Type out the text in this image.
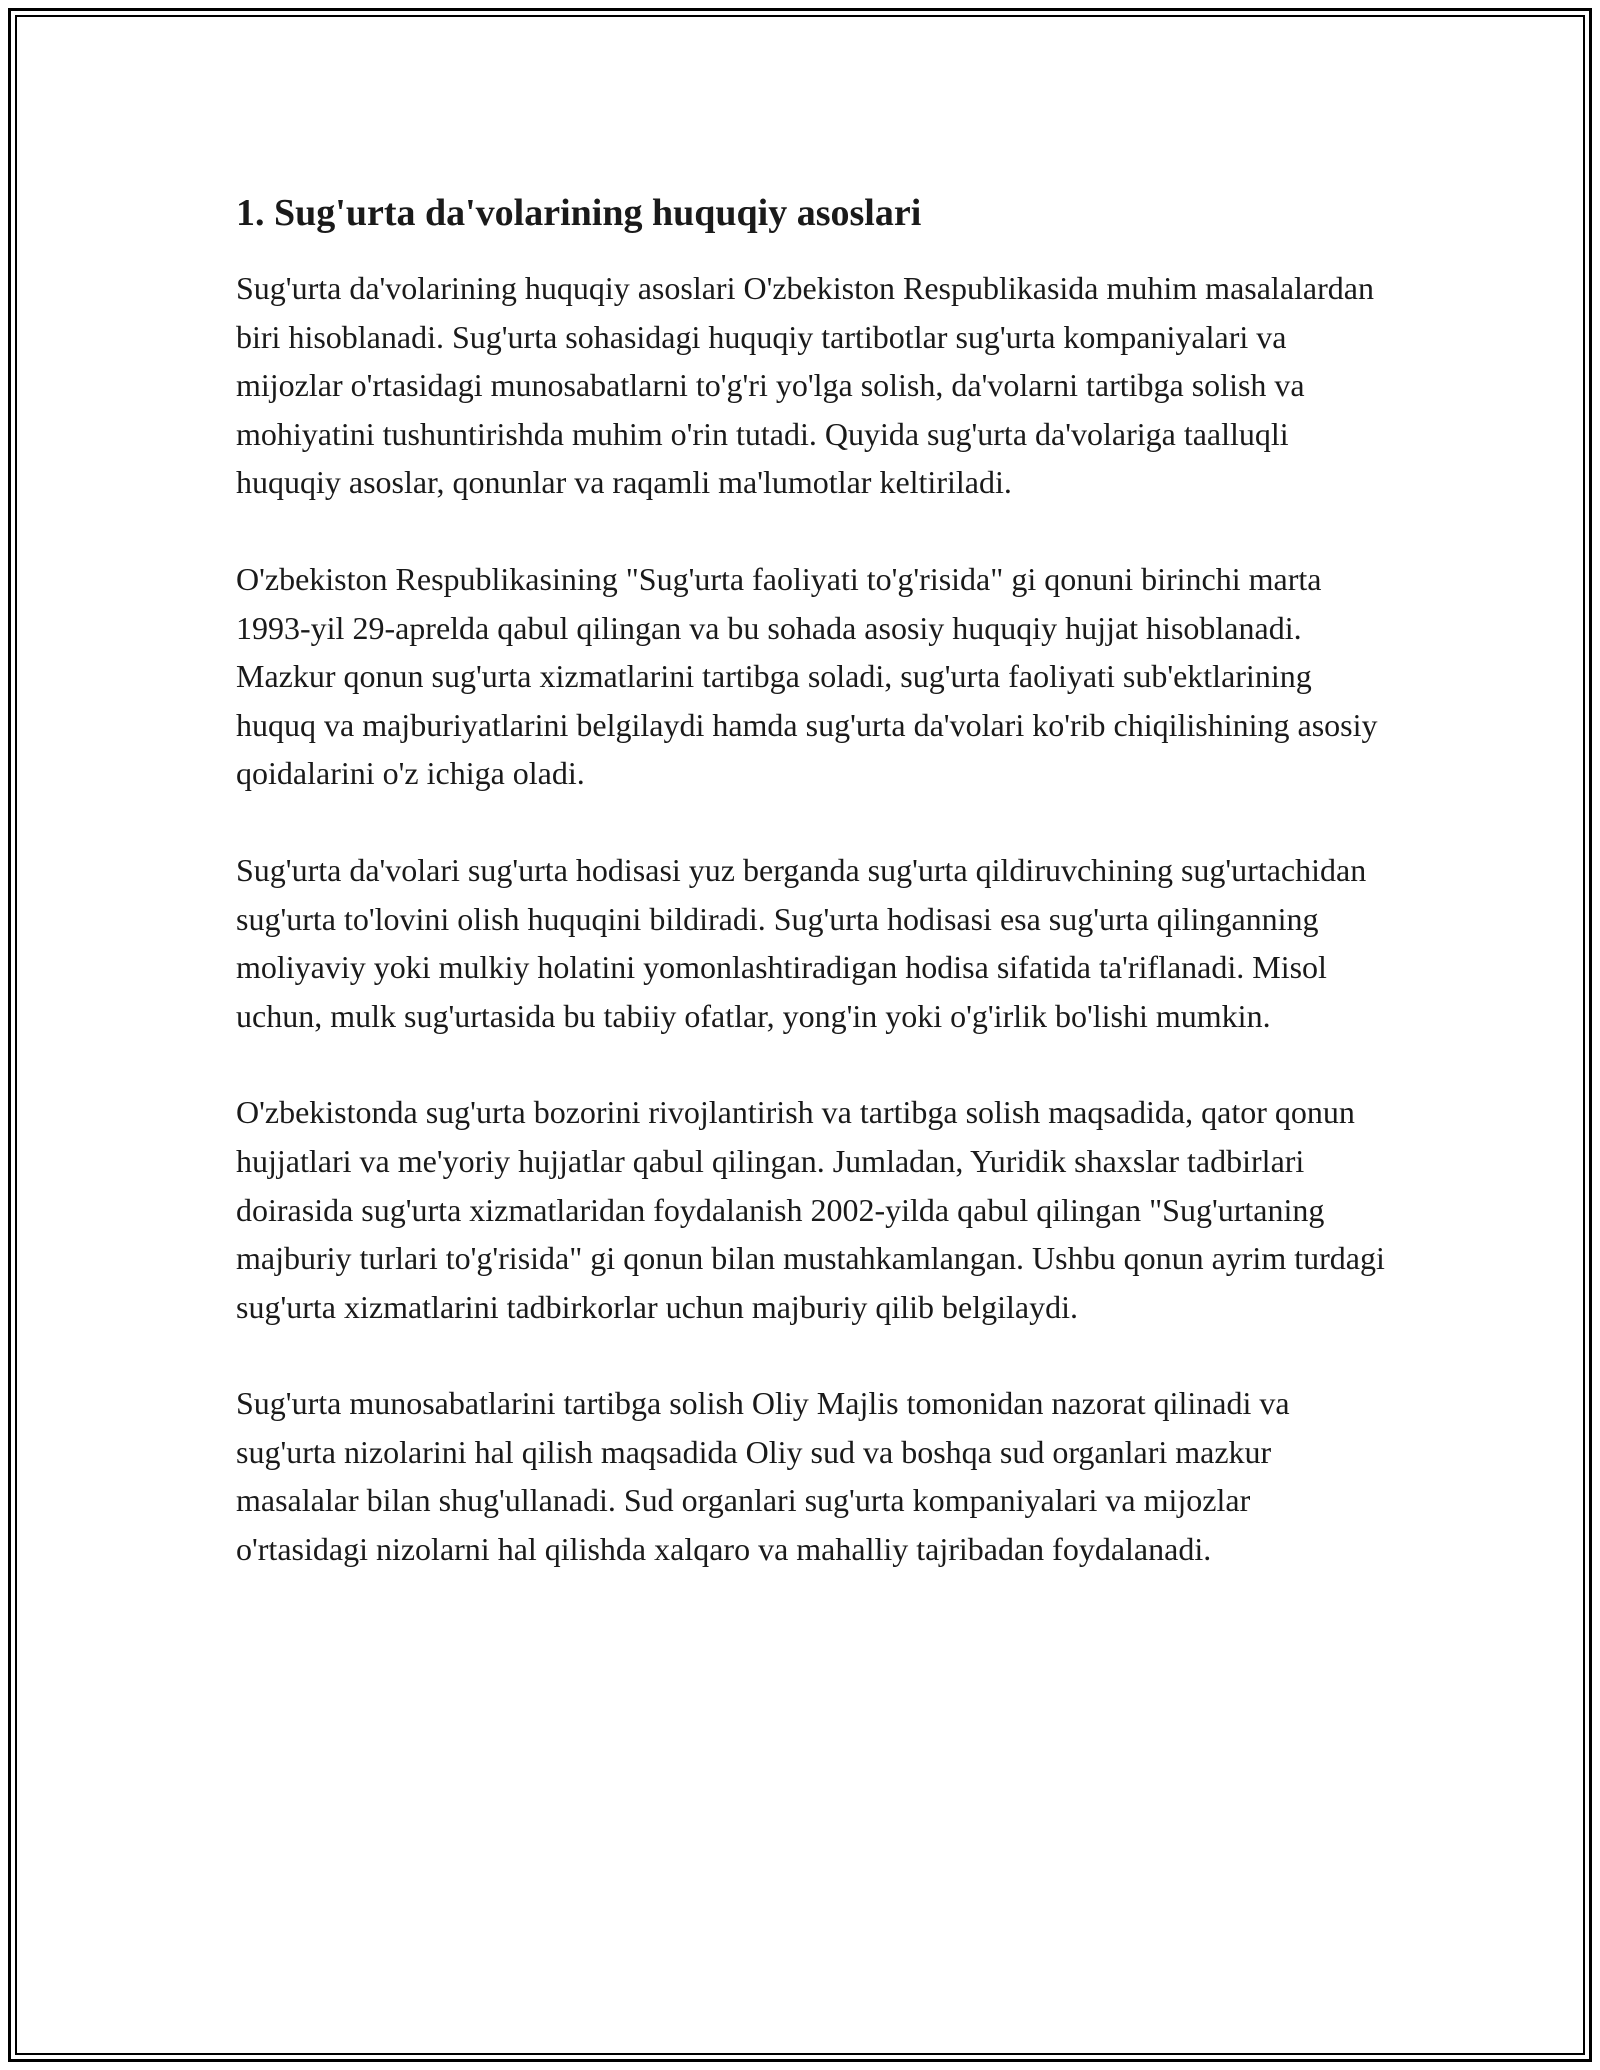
1. Sug'urta da'volarining huquqiy asoslari

Sug'urta da'volarining huquqiy asoslari O'zbekiston Respublikasida muhim masalalardan biri hisoblanadi. Sug'urta sohasidagi huquqiy tartibotlar sug'urta kompaniyalari va mijozlar o'rtasidagi munosabatlarni to'g'ri yo'lga solish, da'volarni tartibga solish va mohiyatini tushuntirishda muhim o'rin tutadi. Quyida sug'urta da'volariga taalluqli huquqiy asoslar, qonunlar va raqamli ma'lumotlar keltiriladi.

O'zbekiston Respublikasining "Sug'urta faoliyati to'g'risida" gi qonuni birinchi marta 1993-yil 29-aprelda qabul qilingan va bu sohada asosiy huquqiy hujjat hisoblanadi. Mazkur qonun sug'urta xizmatlarini tartibga soladi, sug'urta faoliyati sub'ektlarining huquq va majburiyatlarini belgilaydi hamda sug'urta da'volari ko'rib chiqilishining asosiy qoidalarini o'z ichiga oladi.

Sug'urta da'volari sug'urta hodisasi yuz berganda sug'urta qildiruvchining sug'urtachidan sug'urta to'lovini olish huquqini bildiradi. Sug'urta hodisasi esa sug'urta qilinganning moliyaviy yoki mulkiy holatini yomonlashtiradigan hodisa sifatida ta'riflanadi. Misol uchun, mulk sug'urtasida bu tabiiy ofatlar, yong'in yoki o'g'irlik bo'lishi mumkin.

O'zbekistonda sug'urta bozorini rivojlantirish va tartibga solish maqsadida, qator qonun hujjatlari va me'yoriy hujjatlar qabul qilingan. Jumladan, Yuridik shaxslar tadbirlari doirasida sug'urta xizmatlaridan foydalanish 2002-yilda qabul qilingan "Sug'urtaning majburiy turlari to'g'risida" gi qonun bilan mustahkamlangan. Ushbu qonun ayrim turdagi sug'urta xizmatlarini tadbirkorlar uchun majburiy qilib belgilaydi.

Sug'urta munosabatlarini tartibga solish Oliy Majlis tomonidan nazorat qilinadi va sug'urta nizolarini hal qilish maqsadida Oliy sud va boshqa sud organlari mazkur masalalar bilan shug'ullanadi. Sud organlari sug'urta kompaniyalari va mijozlar o'rtasidagi nizolarni hal qilishda xalqaro va mahalliy tajribadan foydalanadi.
